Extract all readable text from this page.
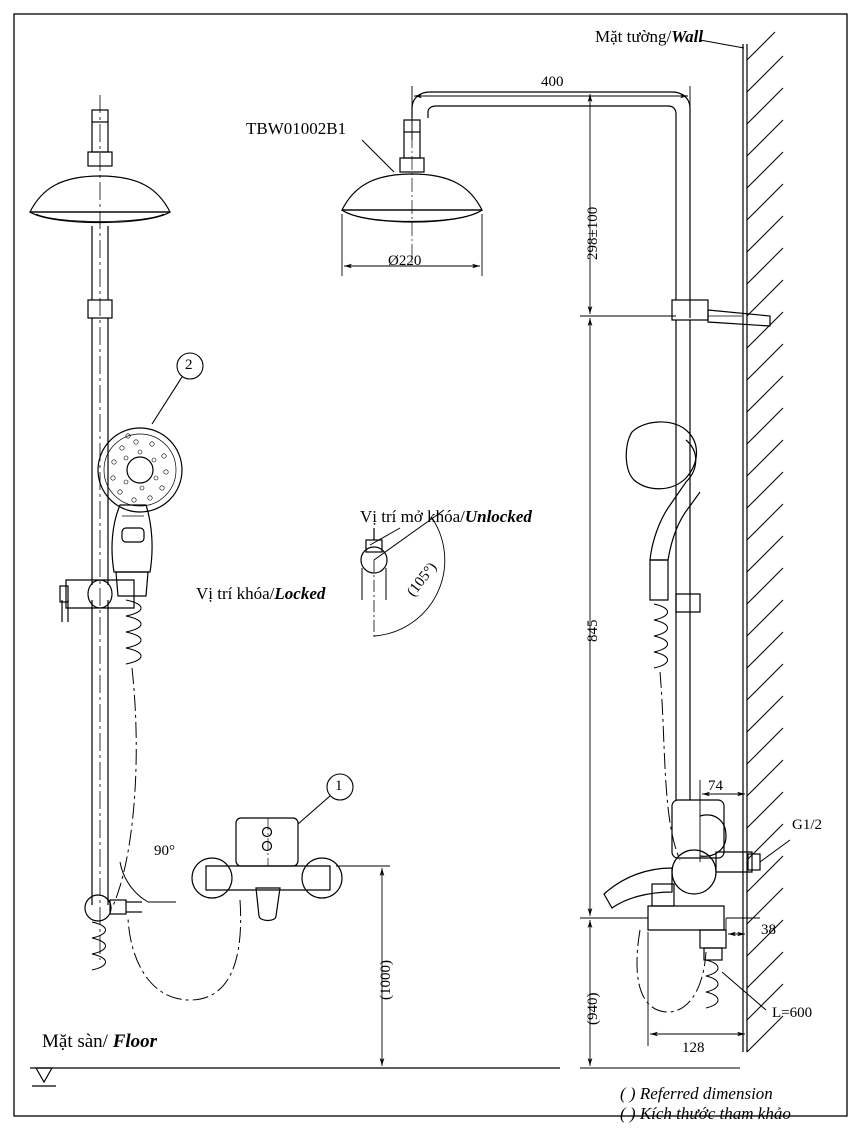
Mặt tường/Wall
TBW01002B1
400
Ø220
298±100
845
(940)
(1000)
74
G1/2
38
L=600
128
90°
(105°)
Vị trí khóa/Locked
Vị trí mở khóa/Unlocked
Mặt sàn/ Floor
( ) Referred dimension
( ) Kích thước tham khảo
2
1
